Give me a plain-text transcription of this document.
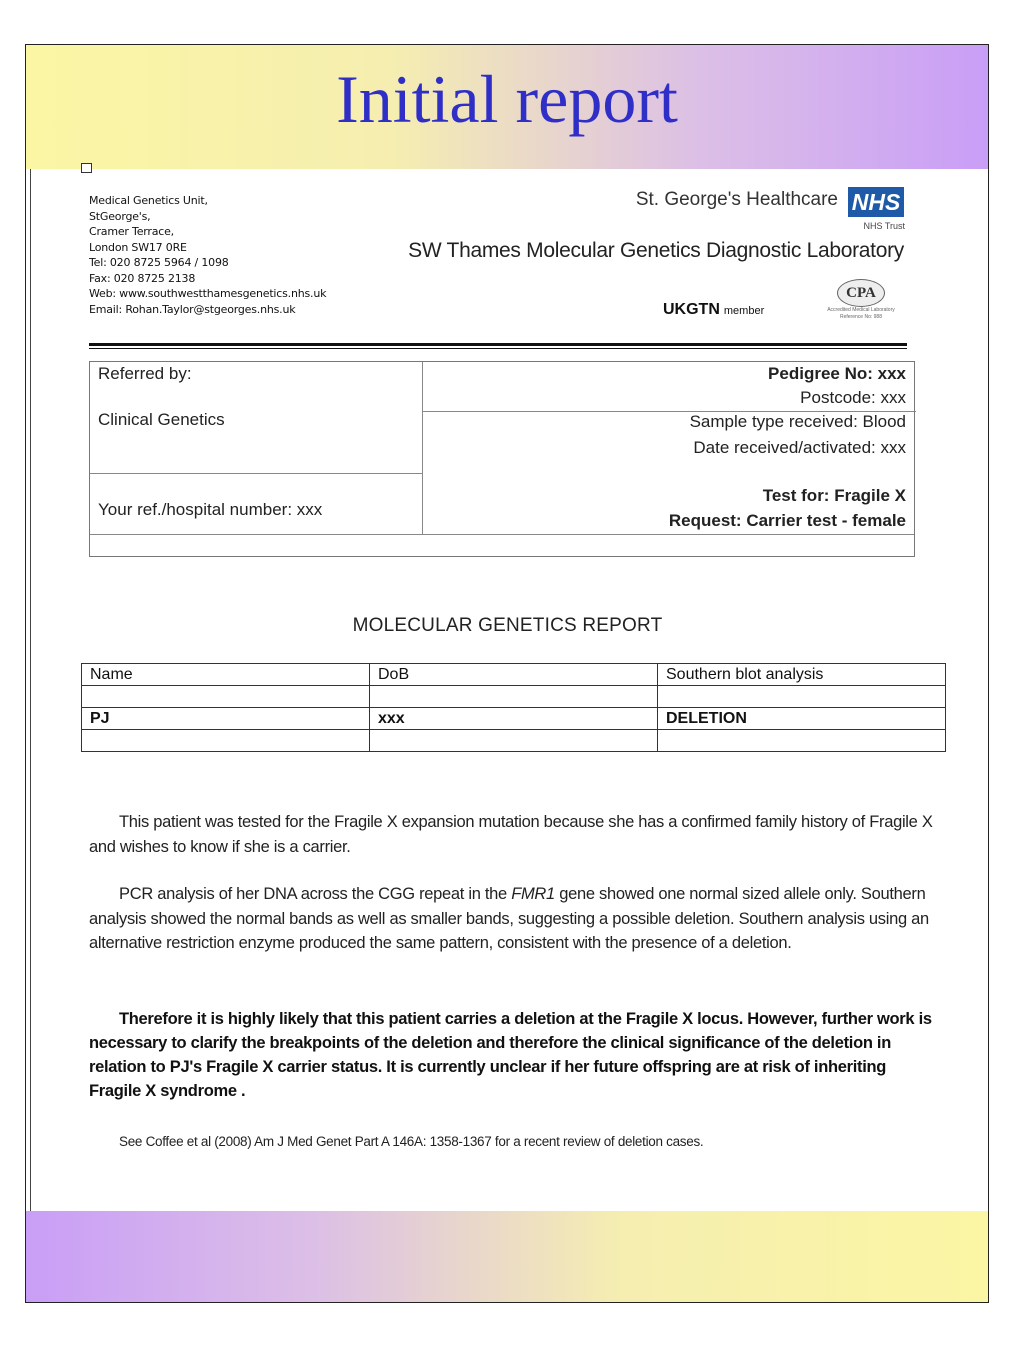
Initial report
Medical Genetics Unit,
StGeorge's,
Cramer Terrace,
London SW17 0RE
Tel: 020 8725 5964 / 1098
Fax: 020 8725 2138
Web: www.southwestthamesgenetics.nhs.uk
Email: Rohan.Taylor@stgeorges.nhs.uk
St. George's Healthcare NHS
NHS Trust
SW Thames Molecular Genetics Diagnostic Laboratory
UKGTN member
CPA
Accredited Medical Laboratory Reference No: 988
Referred by:
Clinical Genetics
Your ref./hospital number: xxx
Pedigree No: xxx
Postcode: xxx
Sample type received: Blood
Date received/activated: xxx
Test for: Fragile X
Request: Carrier test - female
MOLECULAR GENETICS REPORT
Name	DoB	Southern blot analysis

PJ	xxx	DELETION

This patient was tested for the Fragile X expansion mutation because she has a confirmed family history of Fragile X and wishes to know if she is a carrier.
PCR analysis of her DNA across the CGG repeat in the FMR1 gene showed one normal sized allele only. Southern analysis showed the normal bands as well as smaller bands, suggesting a possible deletion. Southern analysis using an alternative restriction enzyme produced the same pattern, consistent with the presence of a deletion.
Therefore it is highly likely that this patient carries a deletion at the Fragile X locus. However, further work is necessary to clarify the breakpoints of the deletion and therefore the clinical significance of the deletion in relation to PJ's Fragile X carrier status. It is currently unclear if her future offspring are at risk of inheriting Fragile X syndrome .
See Coffee et al (2008) Am J Med Genet Part A 146A: 1358-1367 for a recent review of deletion cases.
